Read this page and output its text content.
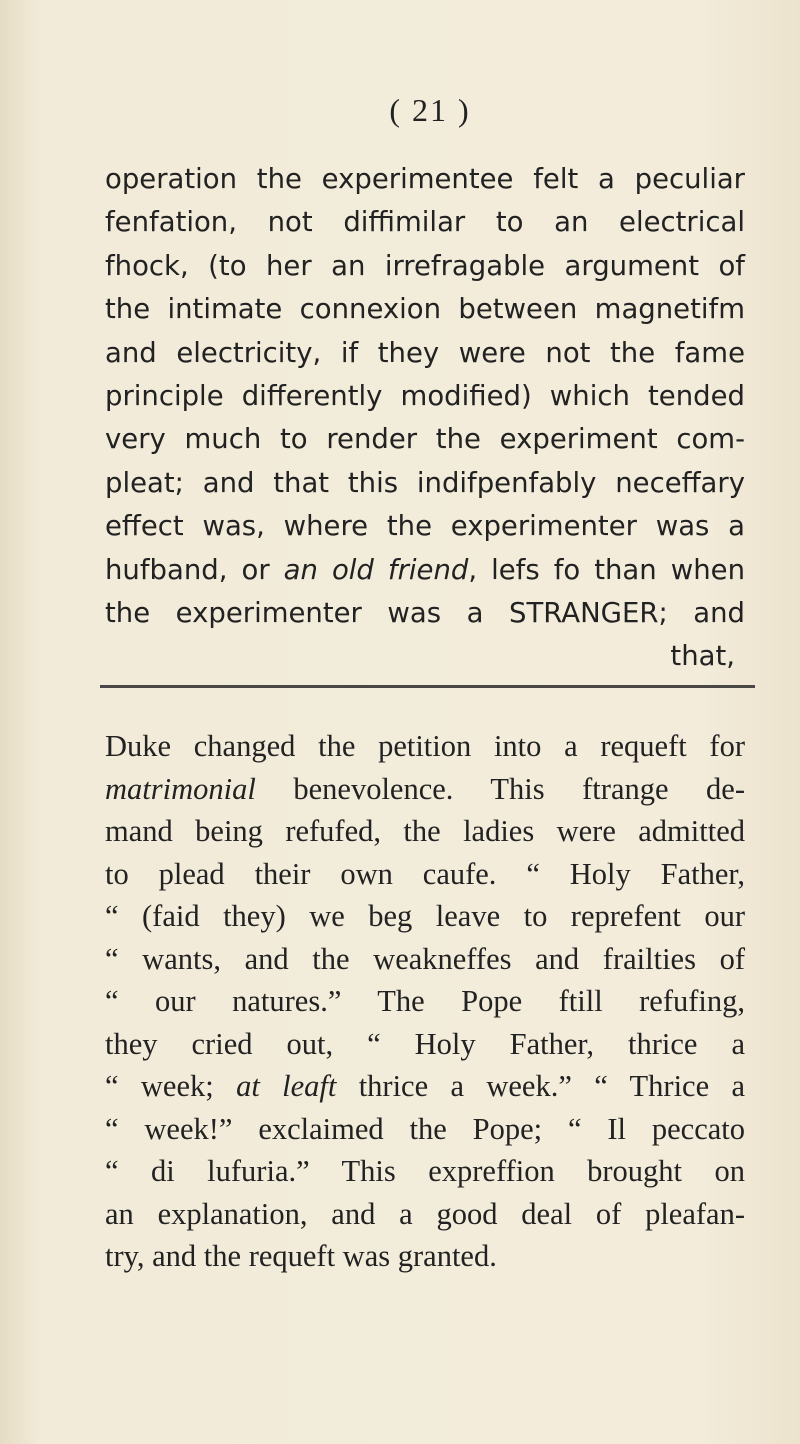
( 21 )
operation the experimentee felt a peculiar
fenfation, not diffimilar to an electrical
fhock, (to her an irrefragable argument of
the intimate connexion between magnetifm
and electricity, if they were not the fame
principle differently modified) which tended
very much to render the experiment com-
pleat; and that this indifpenfably neceffary
effect was, where the experimenter was a
hufband, or an old friend, lefs fo than when
the experimenter was a STRANGER; and
that,
Duke changed the petition into a requeft for
matrimonial benevolence. This ftrange de-
mand being refufed, the ladies were admitted
to plead their own caufe. “ Holy Father,
“ (faid they) we beg leave to reprefent our
“ wants, and the weakneffes and frailties of
“ our natures.” The Pope ftill refufing,
they cried out, “ Holy Father, thrice a
“ week; at leaft thrice a week.” “ Thrice a
“ week!” exclaimed the Pope; “ Il peccato
“ di lufuria.” This expreffion brought on
an explanation, and a good deal of pleafan-
try, and the requeft was granted.
